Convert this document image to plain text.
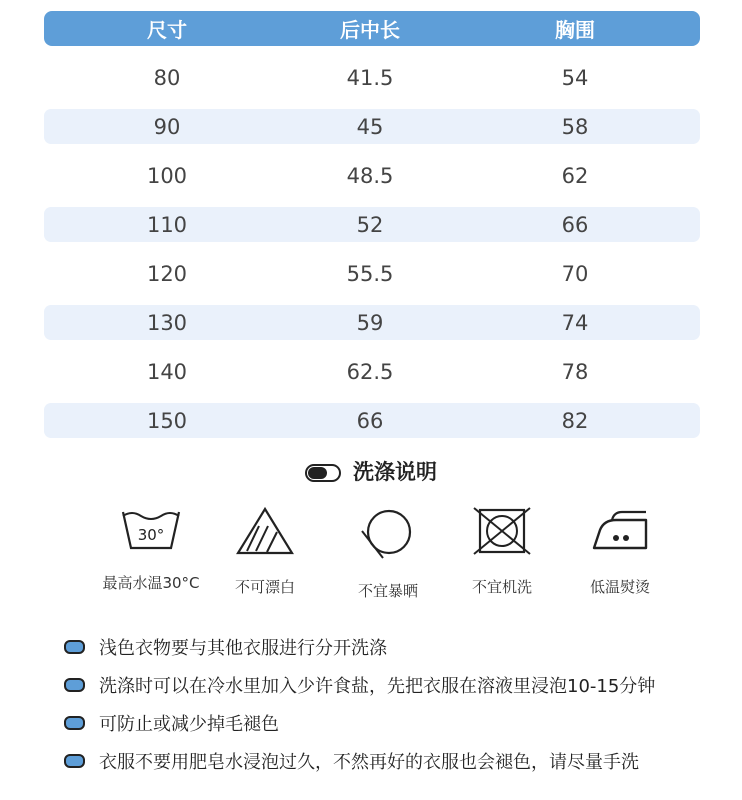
尺寸	后中长	胸围
80	41.5	54
90	45	58
100	48.5	62
110	52	66
120	55.5	70
130	59	74
140	62.5	78
150	66	82
洗涤说明
30°
最高水温30°C	不可漂白	不宜暴晒	不宜机洗	低温熨烫
浅色衣物要与其他衣服进行分开洗涤
洗涤时可以在冷水里加入少许食盐，先把衣服在溶液里浸泡10-15分钟
可防止或减少掉毛褪色
衣服不要用肥皂水浸泡过久，不然再好的衣服也会褪色，请尽量手洗
